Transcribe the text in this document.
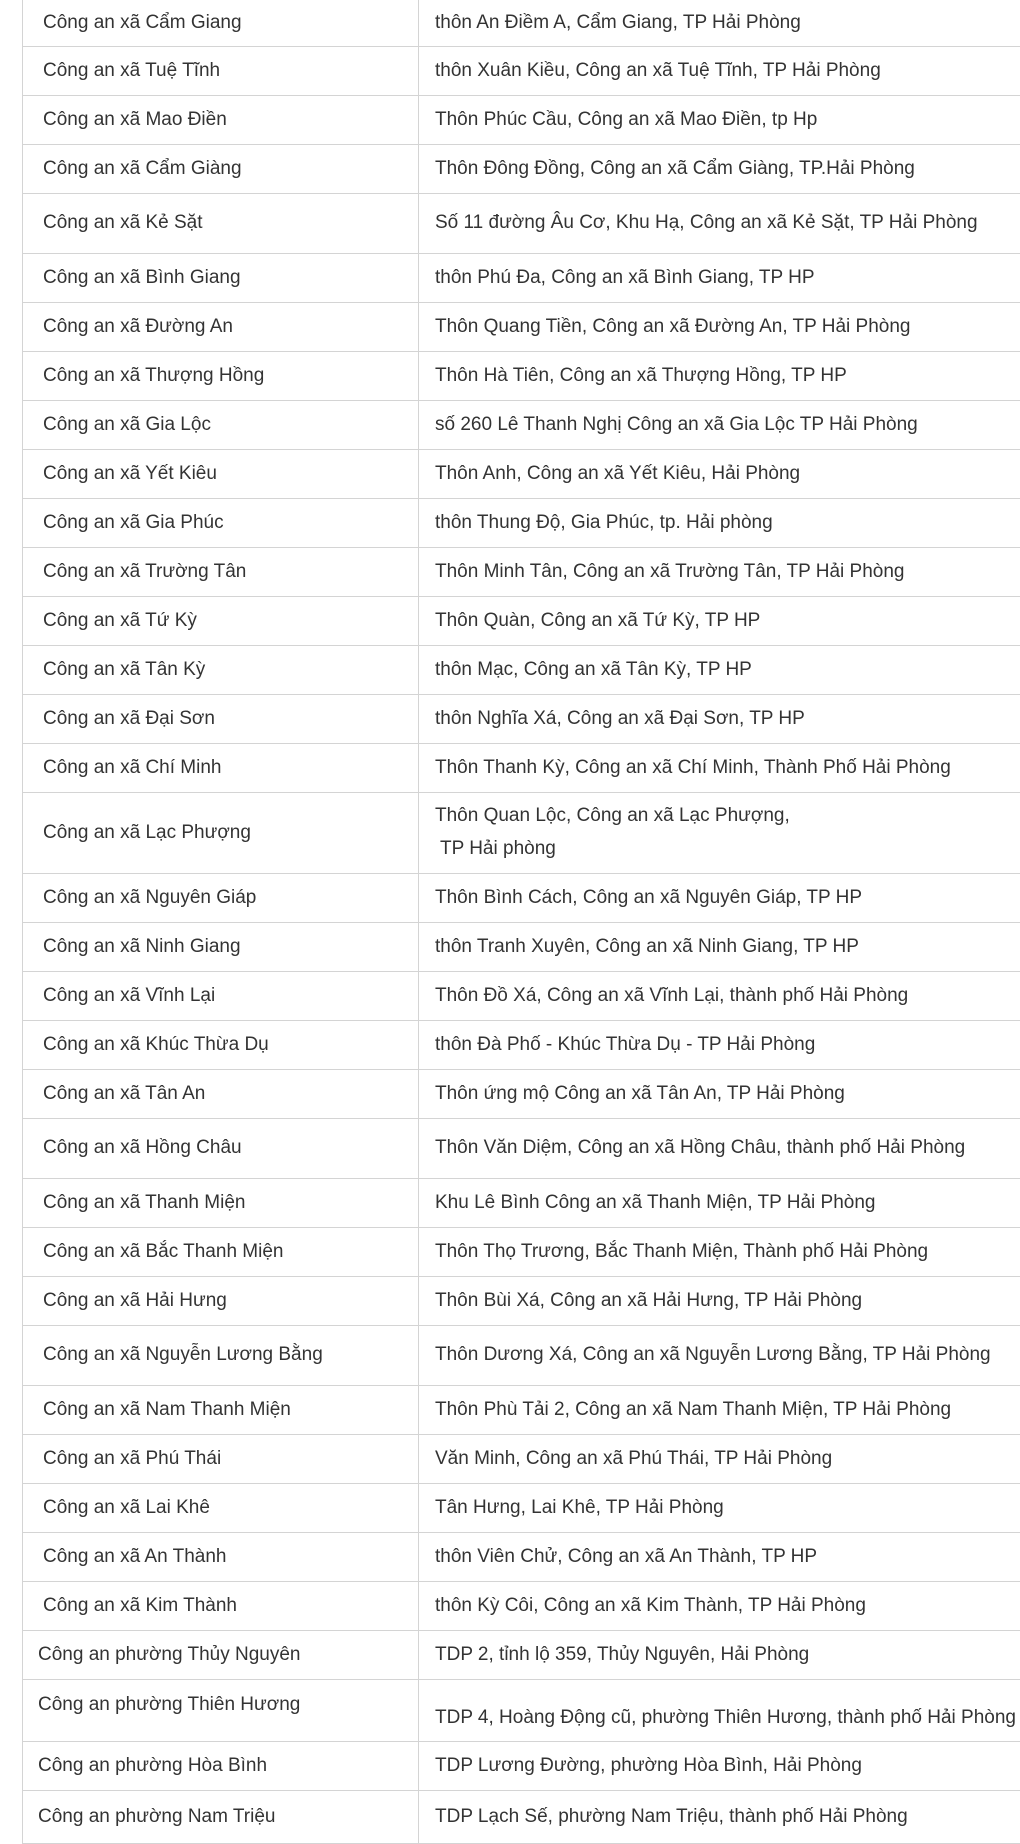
Công an xã Cẩm Giang	thôn An Điềm A, Cẩm Giang, TP Hải Phòng
Công an xã Tuệ Tĩnh	thôn Xuân Kiều, Công an xã Tuệ Tĩnh, TP Hải Phòng
Công an xã Mao Điền	Thôn Phúc Cầu, Công an xã Mao Điền, tp Hp
Công an xã Cẩm Giàng	Thôn Đông Đồng, Công an xã Cẩm Giàng, TP.Hải Phòng
Công an xã Kẻ Sặt	Số 11 đường Âu Cơ, Khu Hạ, Công an xã Kẻ Sặt, TP Hải Phòng
Công an xã Bình Giang	thôn Phú Đa, Công an xã Bình Giang, TP HP
Công an xã Đường An	Thôn Quang Tiền, Công an xã Đường An, TP Hải Phòng
Công an xã Thượng Hồng	Thôn Hà Tiên, Công an xã Thượng Hồng, TP HP
Công an xã Gia Lộc	số 260 Lê Thanh Nghị Công an xã Gia Lộc TP Hải Phòng
Công an xã Yết Kiêu	Thôn Anh, Công an xã Yết Kiêu, Hải Phòng
Công an xã Gia Phúc	thôn Thung Độ, Gia Phúc, tp. Hải phòng
Công an xã Trường Tân	Thôn Minh Tân, Công an xã Trường Tân, TP Hải Phòng
Công an xã Tứ Kỳ	Thôn Quàn, Công an xã Tứ Kỳ, TP HP
Công an xã Tân Kỳ	thôn Mạc, Công an xã Tân Kỳ, TP HP
Công an xã Đại Sơn	thôn Nghĩa Xá, Công an xã Đại Sơn, TP HP
Công an xã Chí Minh	Thôn Thanh Kỳ, Công an xã Chí Minh, Thành Phố Hải Phòng
Công an xã Lạc Phượng	Thôn Quan Lộc, Công an xã Lạc Phượng,
TP Hải phòng

Công an xã Nguyên Giáp	Thôn Bình Cách, Công an xã Nguyên Giáp, TP HP
Công an xã Ninh Giang	thôn Tranh Xuyên, Công an xã Ninh Giang, TP HP
Công an xã Vĩnh Lại	Thôn Đồ Xá, Công an xã Vĩnh Lại, thành phố Hải Phòng
Công an xã Khúc Thừa Dụ	thôn Đà Phố - Khúc Thừa Dụ - TP Hải Phòng
Công an xã Tân An	Thôn ứng mộ Công an xã Tân An, TP Hải Phòng
Công an xã Hồng Châu	Thôn Văn Diệm, Công an xã Hồng Châu, thành phố Hải Phòng
Công an xã Thanh Miện	Khu Lê Bình Công an xã Thanh Miện, TP Hải Phòng
Công an xã Bắc Thanh Miện	Thôn Thọ Trương, Bắc Thanh Miện, Thành phố Hải Phòng
Công an xã Hải Hưng	Thôn Bùi Xá, Công an xã Hải Hưng, TP Hải Phòng
Công an xã Nguyễn Lương Bằng	Thôn Dương Xá, Công an xã Nguyễn Lương Bằng, TP Hải Phòng
Công an xã Nam Thanh Miện	Thôn Phù Tải 2, Công an xã Nam Thanh Miện, TP Hải Phòng
Công an xã Phú Thái	Văn Minh, Công an xã Phú Thái, TP Hải Phòng
Công an xã Lai Khê	Tân Hưng, Lai Khê, TP Hải Phòng
Công an xã An Thành	thôn Viên Chử, Công an xã An Thành, TP HP
Công an xã Kim Thành	thôn Kỳ Côi, Công an xã Kim Thành, TP Hải Phòng
Công an phường Thủy Nguyên	TDP 2, tỉnh lộ 359, Thủy Nguyên, Hải Phòng
Công an phường Thiên Hương	TDP 4, Hoàng Động cũ, phường Thiên Hương, thành phố Hải Phòng
Công an phường Hòa Bình	TDP Lương Đường, phường Hòa Bình, Hải Phòng
Công an phường Nam Triệu	TDP Lạch Sế, phường Nam Triệu, thành phố Hải Phòng
